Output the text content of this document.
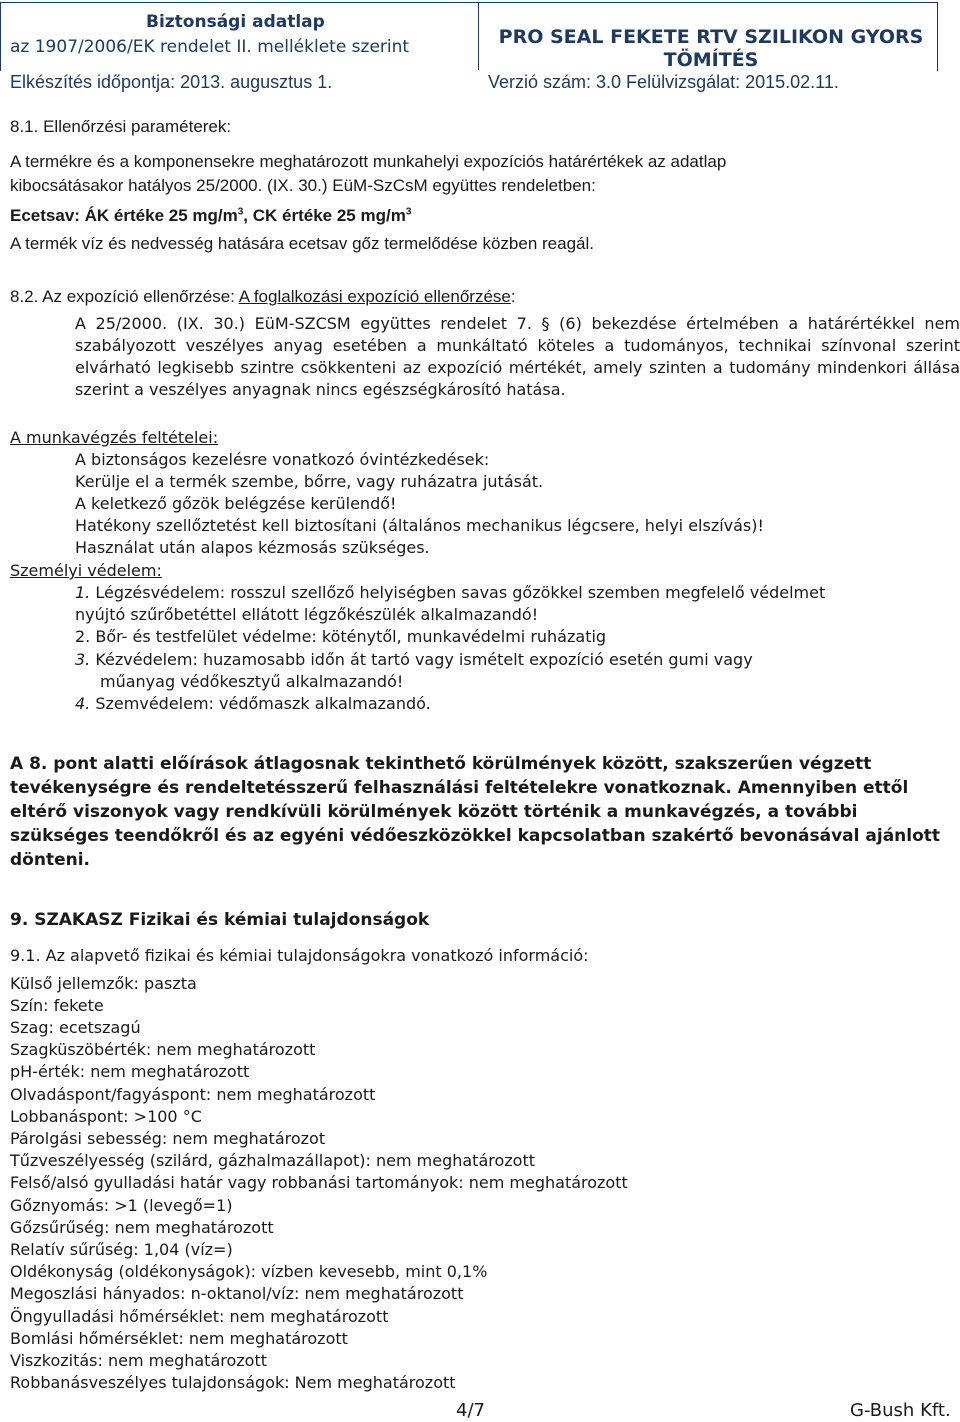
Biztonsági adatlap
az 1907/2006/EK rendelet II. melléklete szerint	PRO SEAL FEKETE RTV SZILIKON GYORS TÖMÍTÉS
Elkészítés időpontja: 2013. augusztus 1.	Verzió szám: 3.0 Felülvizsgálat: 2015.02.11.
8.1. Ellenőrzési paraméterek:
A termékre és a komponensekre meghatározott munkahelyi expozíciós határértékek az adatlap
kibocsátásakor hatályos 25/2000. (IX. 30.) EüM-SzCsM együttes rendeletben:
Ecetsav: ÁK értéke 25 $mg/m^3$, CK értéke 25 $mg/m^3$
A termék víz és nedvesség hatására ecetsav gőz termelődése közben reagál.
8.2. Az expozíció ellenőrzése: A foglalkozási expozíció ellenőrzése:
A 25/2000. (IX. 30.) EüM-SZCSM együttes rendelet 7. § (6) bekezdése értelmében a határértékkel nem szabályozott veszélyes anyag esetében a munkáltató köteles a tudományos, technikai színvonal szerint elvárható legkisebb szintre csökkenteni az expozíció mértékét, amely szinten a tudomány mindenkori állása szerint a veszélyes anyagnak nincs egészségkárosító hatása.
A munkavégzés feltételei:
A biztonságos kezelésre vonatkozó óvintézkedések:
Kerülje el a termék szembe, bőrre, vagy ruházatra jutását.
A keletkező gőzök belégzése kerülendő!
Hatékony szellőztetést kell biztosítani (általános mechanikus légcsere, helyi elszívás)!
Használat után alapos kézmosás szükséges.
Személyi védelem:
1. Légzésvédelem: rosszul szellőző helyiségben savas gőzökkel szemben megfelelő védelmet
nyújtó szűrőbetéttel ellátott légzőkészülék alkalmazandó!
2. Bőr- és testfelület védelme: köténytől, munkavédelmi ruházatig
3. Kézvédelem: huzamosabb időn át tartó vagy ismételt expozíció esetén gumi vagy
műanyag védőkesztyű alkalmazandó!
4. Szemvédelem: védőmaszk alkalmazandó.
A 8. pont alatti előírások átlagosnak tekinthető körülmények között, szakszerűen végzett tevékenységre és rendeltetésszerű felhasználási feltételekre vonatkoznak. Amennyiben ettől eltérő viszonyok vagy rendkívüli körülmények között történik a munkavégzés, a további szükséges teendőkről és az egyéni védőeszközökkel kapcsolatban szakértő bevonásával ajánlott dönteni.
9. SZAKASZ Fizikai és kémiai tulajdonságok
9.1. Az alapvető fizikai és kémiai tulajdonságokra vonatkozó információ:
Külső jellemzők: paszta
Szín: fekete
Szag: ecetszagú
Szagküszöbérték: nem meghatározott
pH-érték: nem meghatározott
Olvadáspont/fagyáspont: nem meghatározott
Lobbanáspont: >100 °C
Párolgási sebesség: nem meghatározot
Tűzveszélyesség (szilárd, gázhalmazállapot): nem meghatározott
Felső/alsó gyulladási határ vagy robbanási tartományok: nem meghatározott
Gőznyomás: >1 (levegő=1)
Gőzsűrűség: nem meghatározott
Relatív sűrűség: 1,04 (víz=)
Oldékonyság (oldékonyságok): vízben kevesebb, mint 0,1%
Megoszlási hányados: n-oktanol/víz: nem meghatározott
Öngyulladási hőmérséklet: nem meghatározott
Bomlási hőmérséklet: nem meghatározott
Viszkozitás: nem meghatározott
Robbanásveszélyes tulajdonságok: Nem meghatározott
4/7	G-Bush Kft.
